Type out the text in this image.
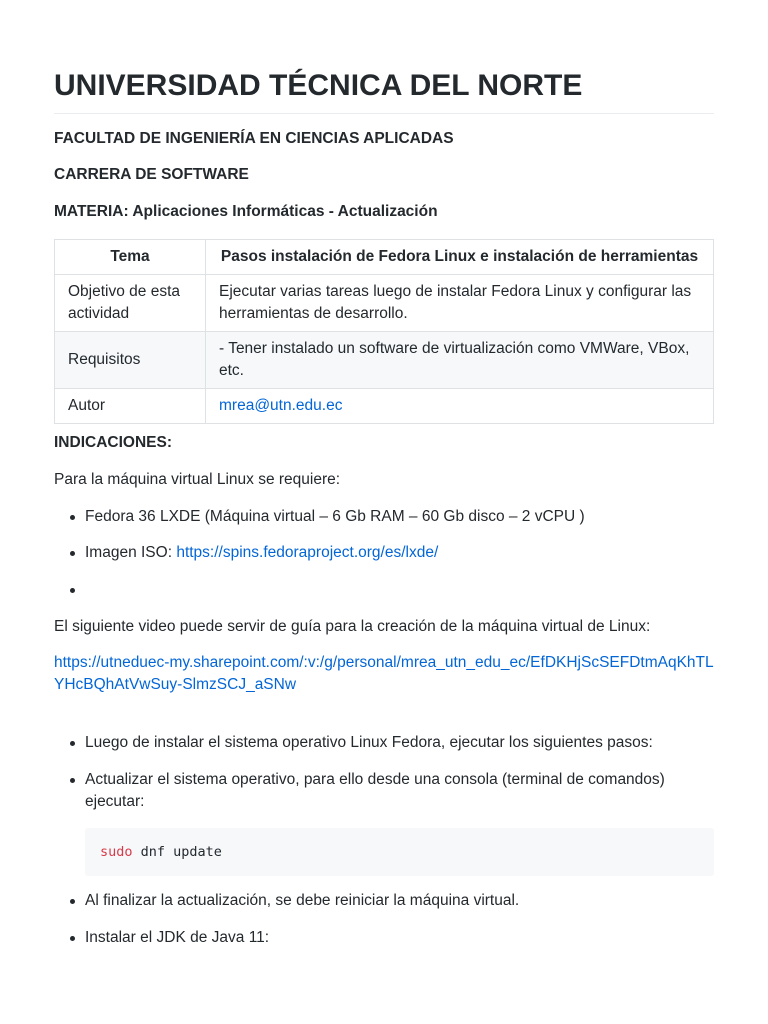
UNIVERSIDAD TÉCNICA DEL NORTE

FACULTAD DE INGENIERÍA EN CIENCIAS APLICADAS

CARRERA DE SOFTWARE

MATERIA: Aplicaciones Informáticas - Actualización

Tema	Pasos instalación de Fedora Linux e instalación de herramientas
Objetivo de esta actividad	Ejecutar varias tareas luego de instalar Fedora Linux y configurar las herramientas de desarrollo.
Requisitos	- Tener instalado un software de virtualización como VMWare, VBox, etc.
Autor	mrea@utn.edu.ec

INDICACIONES:

Para la máquina virtual Linux se requiere:

Fedora 36 LXDE (Máquina virtual – 6 Gb RAM – 60 Gb disco – 2 vCPU )
Imagen ISO: https://spins.fedoraproject.org/es/lxde/

El siguiente video puede servir de guía para la creación de la máquina virtual de Linux:

https://utneduec-my.sharepoint.com/:v:/g/personal/mrea_utn_edu_ec/EfDKHjScSEFDtmAqKhTLYHcBQhAtVwSuy-SlmzSCJ_aSNw

Luego de instalar el sistema operativo Linux Fedora, ejecutar los siguientes pasos:
Actualizar el sistema operativo, para ello desde una consola (terminal de comandos) ejecutar:
sudo dnf update
Al finalizar la actualización, se debe reiniciar la máquina virtual.
Instalar el JDK de Java 11:
